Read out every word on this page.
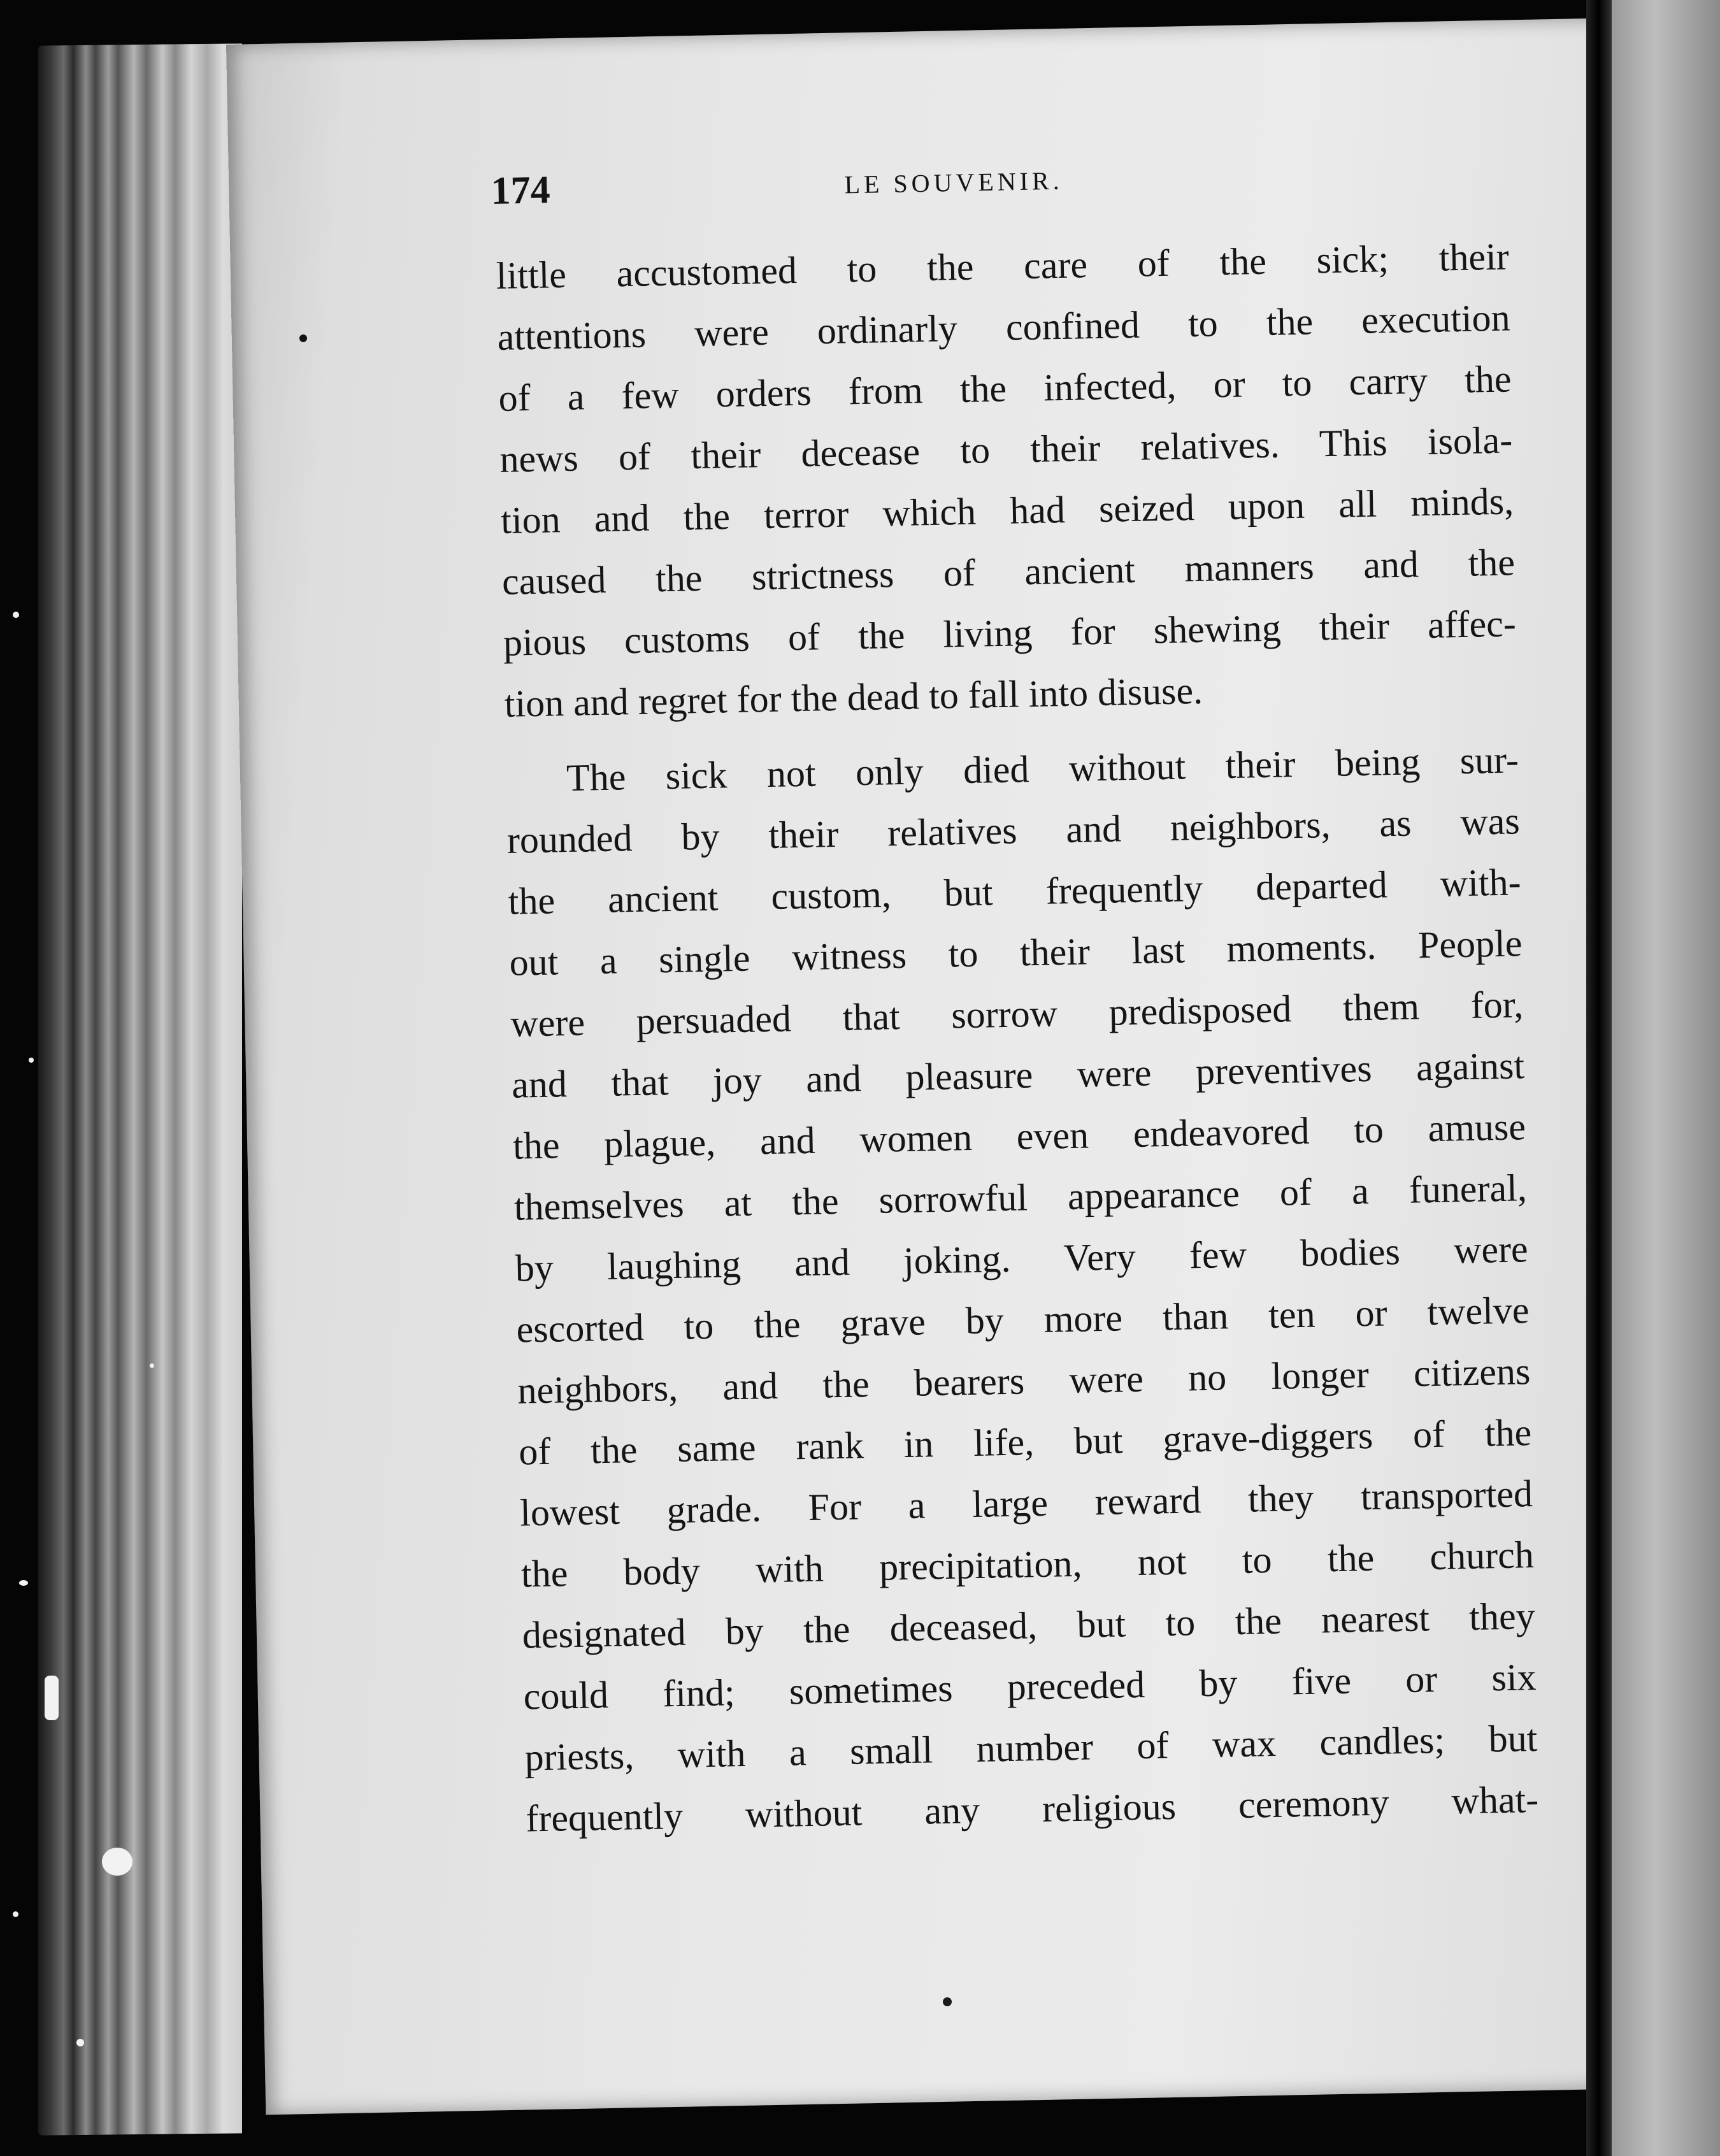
174	LE SOUVENIR.
little accustomed to the care of the sick; their
attentions were ordinarly confined to the execution
of a few orders from the infected, or to carry the
news of their decease to their relatives. This isola-
tion and the terror which had seized upon all minds,
caused the strictness of ancient manners and the
pious customs of the living for shewing their affec-
tion and regret for the dead to fall into disuse.
The sick not only died without their being sur-
rounded by their relatives and neighbors, as was
the ancient custom, but frequently departed with-
out a single witness to their last moments. People
were persuaded that sorrow predisposed them for,
and that joy and pleasure were preventives against
the plague, and women even endeavored to amuse
themselves at the sorrowful appearance of a funeral,
by laughing and joking. Very few bodies were
escorted to the grave by more than ten or twelve
neighbors, and the bearers were no longer citizens
of the same rank in life, but grave-diggers of the
lowest grade. For a large reward they transported
the body with precipitation, not to the church
designated by the deceased, but to the nearest they
could find; sometimes preceded by five or six
priests, with a small number of wax candles; but
frequently without any religious ceremony what-
